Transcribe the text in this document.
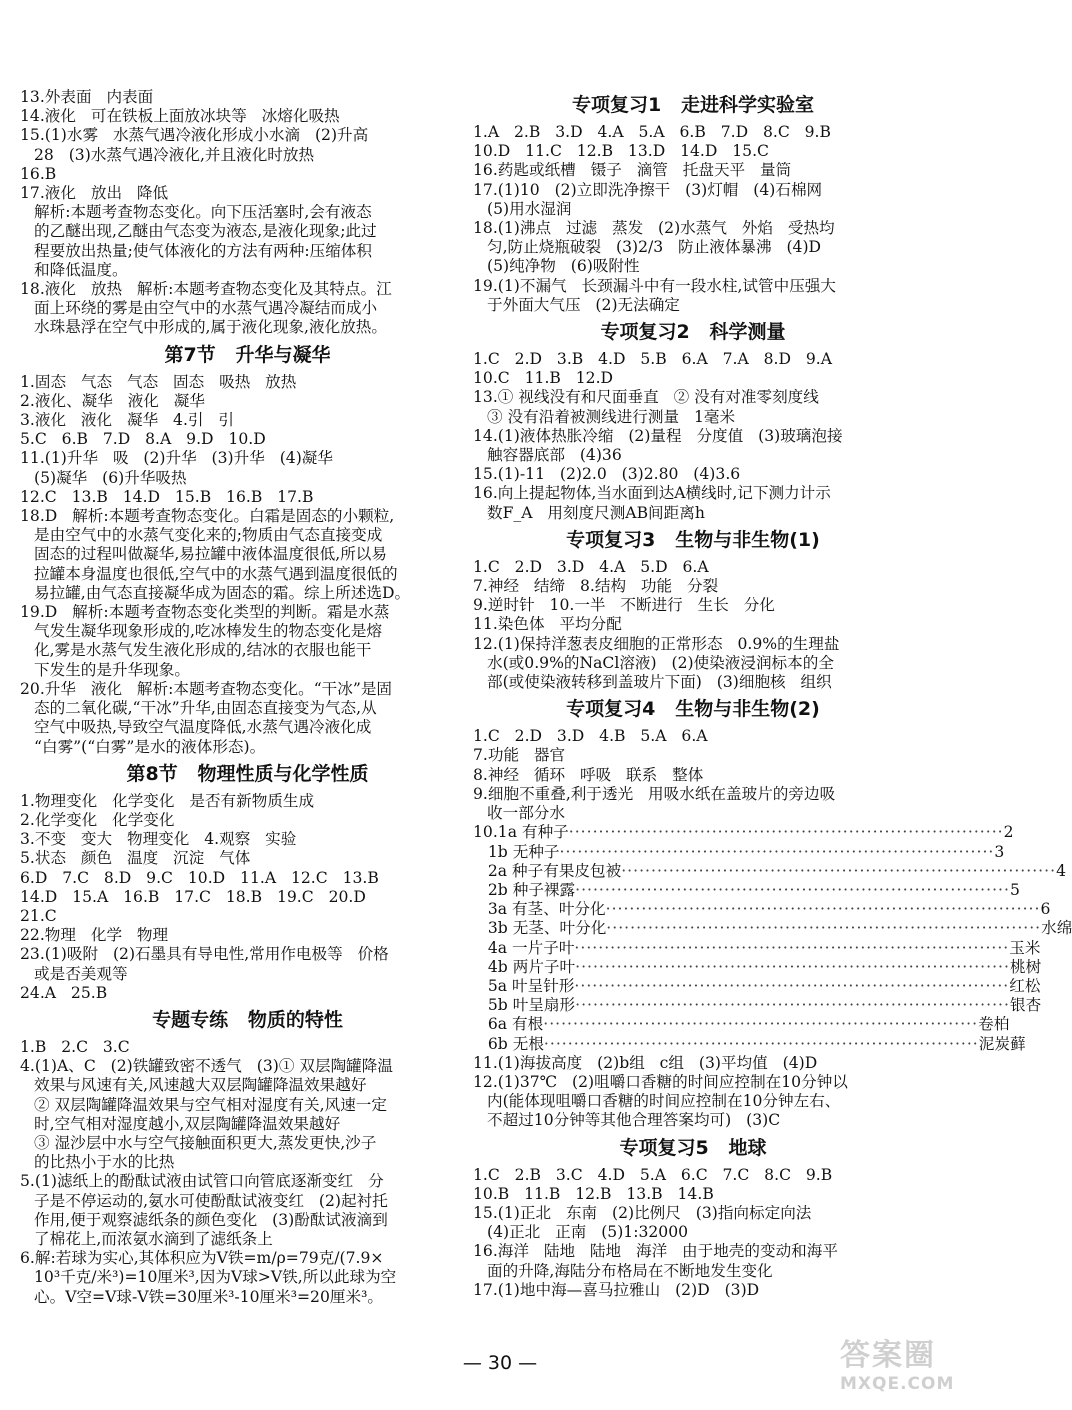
13.外表面   内表面
14.液化   可在铁板上面放冰块等   冰熔化吸热
15.(1)水雾   水蒸气遇冷液化形成小水滴   (2)升高
28   (3)水蒸气遇冷液化,并且液化时放热
16.B
17.液化   放出   降低
解析:本题考查物态变化。向下压活塞时,会有液态
的乙醚出现,乙醚由气态变为液态,是液化现象;此过
程要放出热量;使气体液化的方法有两种:压缩体积
和降低温度。
18.液化   放热   解析:本题考查物态变化及其特点。江
面上环绕的雾是由空气中的水蒸气遇冷凝结而成小
水珠悬浮在空气中形成的,属于液化现象,液化放热。
第7节   升华与凝华
1.固态   气态   气态   固态   吸热   放热
2.液化、凝华   液化   凝华
3.液化   液化   凝华   4.引   引
5.C   6.B   7.D   8.A   9.D   10.D
11.(1)升华   吸   (2)升华   (3)升华   (4)凝华
(5)凝华   (6)升华吸热
12.C   13.B   14.D   15.B   16.B   17.B
18.D   解析:本题考查物态变化。白霜是固态的小颗粒,
是由空气中的水蒸气变化来的;物质由气态直接变成
固态的过程叫做凝华,易拉罐中液体温度很低,所以易
拉罐本身温度也很低,空气中的水蒸气遇到温度很低的
易拉罐,由气态直接凝华成为固态的霜。综上所述选D。
19.D   解析:本题考查物态变化类型的判断。霜是水蒸
气发生凝华现象形成的,吃冰棒发生的物态变化是熔
化,雾是水蒸气发生液化形成的,结冰的衣服也能干
下发生的是升华现象。
20.升华   液化   解析:本题考查物态变化。“干冰”是固
态的二氧化碳,“干冰”升华,由固态直接变为气态,从
空气中吸热,导致空气温度降低,水蒸气遇冷液化成
“白雾”(“白雾”是水的液体形态)。
第8节   物理性质与化学性质
1.物理变化   化学变化   是否有新物质生成
2.化学变化   化学变化
3.不变   变大   物理变化   4.观察   实验
5.状态   颜色   温度   沉淀   气体
6.D   7.C   8.D   9.C   10.D   11.A   12.C   13.B
14.D   15.A   16.B   17.C   18.B   19.C   20.D
21.C
22.物理   化学   物理
23.(1)吸附   (2)石墨具有导电性,常用作电极等   价格
或是否美观等
24.A   25.B
专题专练   物质的特性
1.B   2.C   3.C
4.(1)A、C   (2)铁罐致密不透气   (3)① 双层陶罐降温
效果与风速有关,风速越大双层陶罐降温效果越好
② 双层陶罐降温效果与空气相对湿度有关,风速一定
时,空气相对湿度越小,双层陶罐降温效果越好
③ 湿沙层中水与空气接触面积更大,蒸发更快,沙子
的比热小于水的比热
5.(1)滤纸上的酚酞试液由试管口向管底逐渐变红   分
子是不停运动的,氨水可使酚酞试液变红   (2)起衬托
作用,便于观察滤纸条的颜色变化   (3)酚酞试液滴到
了棉花上,而浓氨水滴到了滤纸条上
6.解:若球为实心,其体积应为V铁=m/ρ=79克/(7.9×
10³千克/米³)=10厘米³,因为V球>V铁,所以此球为空
心。V空=V球-V铁=30厘米³-10厘米³=20厘米³。
专项复习1   走进科学实验室
1.A   2.B   3.D   4.A   5.A   6.B   7.D   8.C   9.B
10.D   11.C   12.B   13.D   14.D   15.C
16.药匙或纸槽   镊子   滴管   托盘天平   量筒
17.(1)10   (2)立即洗净擦干   (3)灯帽   (4)石棉网
(5)用水湿润
18.(1)沸点   过滤   蒸发   (2)水蒸气   外焰   受热均
匀,防止烧瓶破裂   (3)2/3   防止液体暴沸   (4)D
(5)纯净物   (6)吸附性
19.(1)不漏气   长颈漏斗中有一段水柱,试管中压强大
于外面大气压   (2)无法确定
专项复习2   科学测量
1.C   2.D   3.B   4.D   5.B   6.A   7.A   8.D   9.A
10.C   11.B   12.D
13.① 视线没有和尺面垂直   ② 没有对准零刻度线
③ 没有沿着被测线进行测量   1毫米
14.(1)液体热胀冷缩   (2)量程   分度值   (3)玻璃泡接
触容器底部   (4)36
15.(1)-11   (2)2.0   (3)2.80   (4)3.6
16.向上提起物体,当水面到达A横线时,记下测力计示
数F_A   用刻度尺测AB间距离h
专项复习3   生物与非生物(1)
1.C   2.D   3.D   4.A   5.D   6.A
7.神经   结缔   8.结构   功能   分裂
9.逆时针   10.一半   不断进行   生长   分化
11.染色体   平均分配
12.(1)保持洋葱表皮细胞的正常形态   0.9%的生理盐
水(或0.9%的NaCl溶液)   (2)使染液浸润标本的全
部(或使染液转移到盖玻片下面)   (3)细胞核   组织
专项复习4   生物与非生物(2)
1.C   2.D   3.D   4.B   5.A   6.A
7.功能   器官
8.神经   循环   呼吸   联系   整体
9.细胞不重叠,利于透光   用吸水纸在盖玻片的旁边吸
收一部分水
10.1a 有种子 ········································································· 2
1b 无种子 ········································································· 3
2a 种子有果皮包被 ········································································· 4
2b 种子裸露 ········································································· 5
3a 有茎、叶分化 ········································································· 6
3b 无茎、叶分化 ········································································· 水绵
4a 一片子叶 ········································································· 玉米
4b 两片子叶 ········································································· 桃树
5a 叶呈针形 ········································································· 红松
5b 叶呈扇形 ········································································· 银杏
6a 有根 ········································································· 卷柏
6b 无根 ········································································· 泥炭藓
11.(1)海拔高度   (2)b组   c组   (3)平均值   (4)D
12.(1)37℃   (2)咀嚼口香糖的时间应控制在10分钟以
内(能体现咀嚼口香糖的时间应控制在10分钟左右、
不超过10分钟等其他合理答案均可)   (3)C
专项复习5   地球
1.C   2.B   3.C   4.D   5.A   6.C   7.C   8.C   9.B
10.B   11.B   12.B   13.B   14.B
15.(1)正北   东南   (2)比例尺   (3)指向标定向法
(4)正北   正南   (5)1:32000
16.海洋   陆地   陆地   海洋   由于地壳的变动和海平
面的升降,海陆分布格局在不断地发生变化
17.(1)地中海—喜马拉雅山   (2)D   (3)D
— 30 —	答案圈
MXQE.COM
